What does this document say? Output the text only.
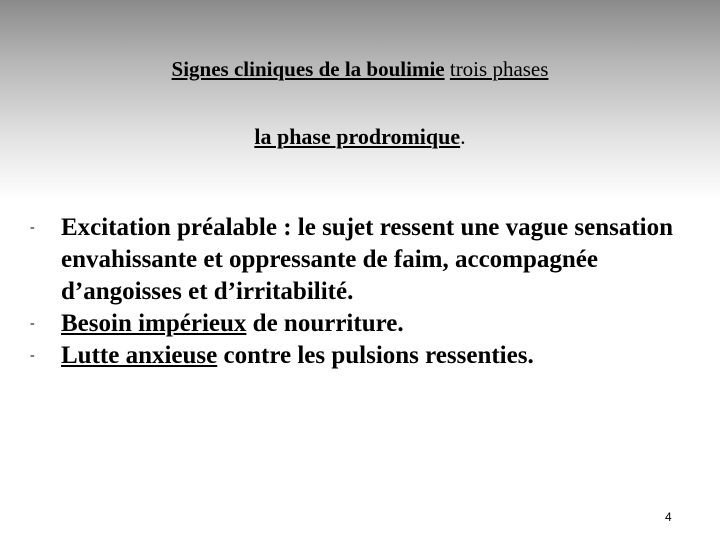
Signes cliniques de la boulimie trois phases
la phase prodromique.
- Excitation préalable : le sujet ressent une vague sensation envahissante et oppressante de faim, accompagnée d’angoisses et d’irritabilité.
- Besoin impérieux de nourriture.
- Lutte anxieuse contre les pulsions ressenties.
4
